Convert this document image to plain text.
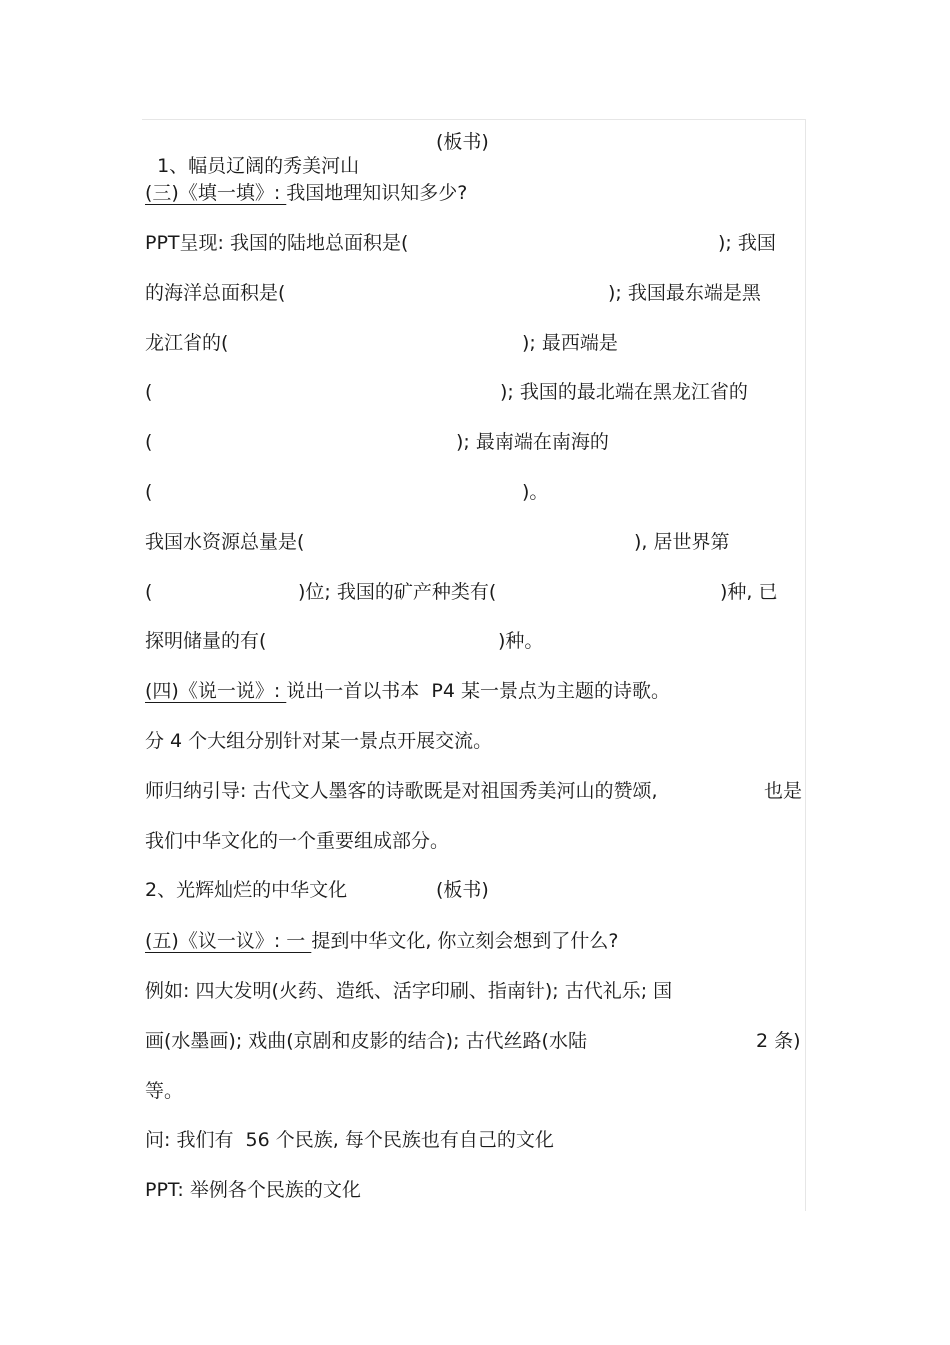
1、幅员辽阔的秀美河山

(板书)
(三)《填一填》: 我国地理知识知多少?
PPT呈现: 我国的陆地总面积是(	); 我国
的海洋总面积是(	); 我国最东端是黑
龙江省的(	); 最西端是
(	); 我国的最北端在黑龙江省的
(	); 最南端在南海的
(	)。
我国水资源总量是(	), 居世界第
(	)位; 我国的矿产种类有(	)种, 已
探明储量的有(	)种。
(四)《说一说》: 说出一首以书本  P4 某一景点为主题的诗歌。
分 4 个大组分别针对某一景点开展交流。
师归纳引导: 古代文人墨客的诗歌既是对祖国秀美河山的赞颂,	也是
我们中华文化的一个重要组成部分。
2、光辉灿烂的中华文化	(板书)
(五)《议一议》: 一 提到中华文化, 你立刻会想到了什么?
例如: 四大发明(火药、造纸、活字印刷、指南针); 古代礼乐; 国
画(水墨画); 戏曲(京剧和皮影的结合); 古代丝路(水陆	2 条)
等。
问: 我们有  56 个民族, 每个民族也有自己的文化
PPT: 举例各个民族的文化
